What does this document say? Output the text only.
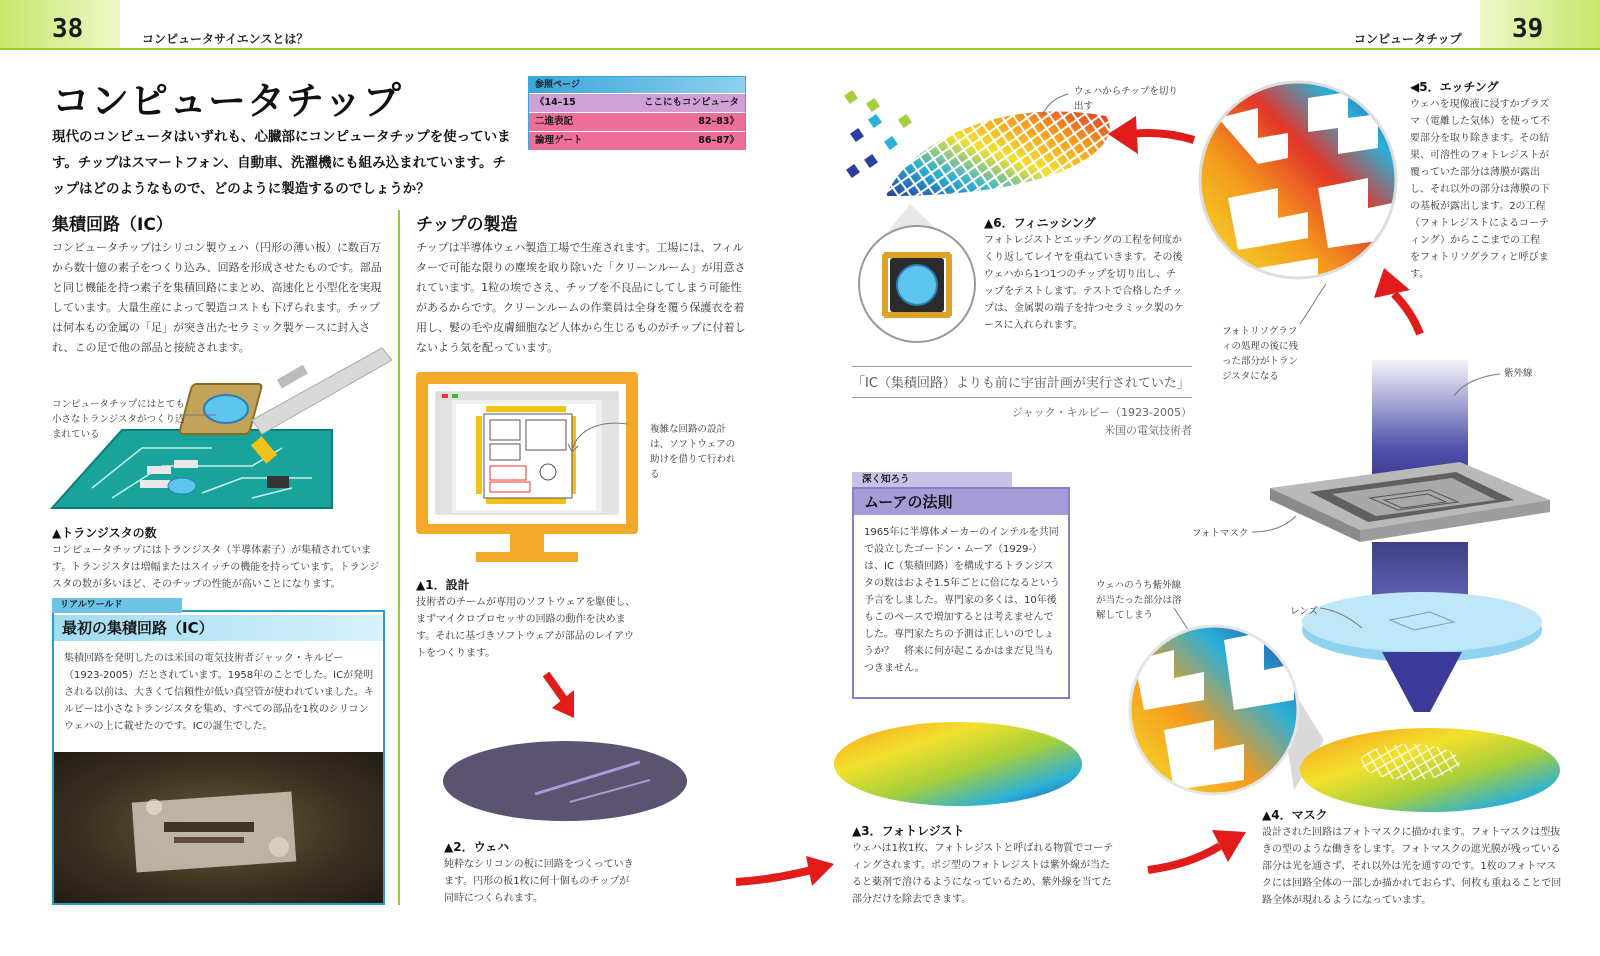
38	コンピュータサイエンスとは？	コンピュータチップ 39
コンピュータチップ
現代のコンピュータはいずれも、心臓部にコンピュータチップを使っています。チップはスマートフォン、自動車、洗濯機にも組み込まれています。チップはどのようなもので、どのように製造するのでしょうか？
参照ページ
《14–15	ここにもコンピュータ
二進表記	82–83》
論理ゲート	86–87》
集積回路（IC）
コンピュータチップはシリコン製ウェハ（円形の薄い板）に数百万から数十億の素子をつくり込み、回路を形成させたものです。部品と同じ機能を持つ素子を集積回路にまとめ、高速化と小型化を実現しています。大量生産によって製造コストも下げられます。チップは何本もの金属の「足」が突き出たセラミック製ケースに封入され、この足で他の部品と接続されます。
コンピュータチップにはとても小さなトランジスタがつくり込まれている
▲トランジスタの数
コンピュータチップにはトランジスタ（半導体素子）が集積されています。トランジスタは増幅またはスイッチの機能を持っています。トランジスタの数が多いほど、そのチップの性能が高いことになります。
リアルワールド
最初の集積回路（IC）
集積回路を発明したのは米国の電気技術者ジャック・キルビー（1923-2005）だとされています。1958年のことでした。ICが発明される以前は、大きくて信頼性が低い真空管が使われていました。キルビーは小さなトランジスタを集め、すべての部品を1枚のシリコンウェハの上に載せたのです。ICの誕生でした。
チップの製造
チップは半導体ウェハ製造工場で生産されます。工場には、フィルターで可能な限りの塵埃を取り除いた「クリーンルーム」が用意されています。1粒の埃でさえ、チップを不良品にしてしまう可能性があるからです。クリーンルームの作業員は全身を覆う保護衣を着用し、髪の毛や皮膚細胞など人体から生じるものがチップに付着しないよう気を配っています。
複雑な回路の設計は、ソフトウェアの助けを借りて行われる
▲1．設計
技術者のチームが専用のソフトウェアを駆使し、まずマイクロプロセッサの回路の動作を決めます。それに基づきソフトウェアが部品のレイアウトをつくります。
▲2．ウェハ
純粋なシリコンの板に回路をつくっていきます。円形の板1枚に何十個ものチップが同時につくられます。
ウェハからチップを切り出す
▲6．フィニッシング
フォトレジストとエッチングの工程を何度かくり返してレイヤを重ねていきます。その後ウェハから1つ1つのチップを切り出し、チップをテストします。テストで合格したチップは、金属製の端子を持つセラミック製のケースに入れられます。
「IC（集積回路）よりも前に宇宙計画が実行されていた」
ジャック・キルビー（1923-2005）
米国の電気技術者
深く知ろう
ムーアの法則
1965年に半導体メーカーのインテルを共同で設立したゴードン・ムーア（1929-）は、IC（集積回路）を構成するトランジスタの数はおよそ1.5年ごとに倍になるという予言をしました。専門家の多くは、10年後もこのペースで増加するとは考えませんでした。専門家たちの予測は正しいのでしょうか？　将来に何が起こるかはまだ見当もつきません。
◀5．エッチング
ウェハを現像液に浸すかプラズマ（電離した気体）を使って不要部分を取り除きます。その結果、可溶性のフォトレジストが覆っていた部分は薄膜が露出し、それ以外の部分は薄膜の下の基板が露出します。2の工程（フォトレジストによるコーティング）からここまでの工程をフォトリソグラフィと呼びます。
フォトリソグラフィの処理の後に残った部分がトランジスタになる	紫外線
フォトマスク
レンズ
ウェハのうち紫外線が当たった部分は溶解してしまう
▲3．フォトレジスト
ウェハは1枚1枚、フォトレジストと呼ばれる物質でコーティングされます。ポジ型のフォトレジストは紫外線が当たると薬剤で溶けるようになっているため、紫外線を当てた部分だけを除去できます。
▲4．マスク
設計された回路はフォトマスクに描かれます。フォトマスクは型抜きの型のような働きをします。フォトマスクの遮光膜が残っている部分は光を通さず、それ以外は光を通すのです。1枚のフォトマスクには回路全体の一部しか描かれておらず、何枚も重ねることで回路全体が現れるようになっています。
